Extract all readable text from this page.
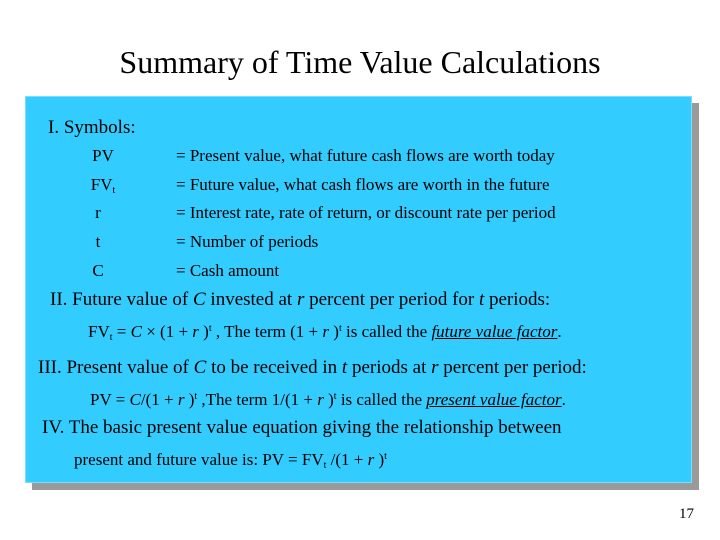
Summary of Time Value Calculations
I. Symbols:
PV	= Present value, what future cash flows are worth today
$FV_t$	= Future value, what cash flows are worth in the future
r	= Interest rate, rate of return, or discount rate per period
t	= Number of periods
C	= Cash amount
II. Future value of C invested at r percent per period for t periods:
$FV_t = C \times (1 + r$ )$^t$ , The term (1 + r )$^t$ is called the future value factor.
III. Present value of C to be received in t periods at r percent per period:
PV = C/(1 + r )$^t$ ,The term 1/(1 + r )$^t$ is called the present value factor.
IV. The basic present value equation giving the relationship between
present and future value is: PV = $FV_t$ /(1 + r )$^t$
17
